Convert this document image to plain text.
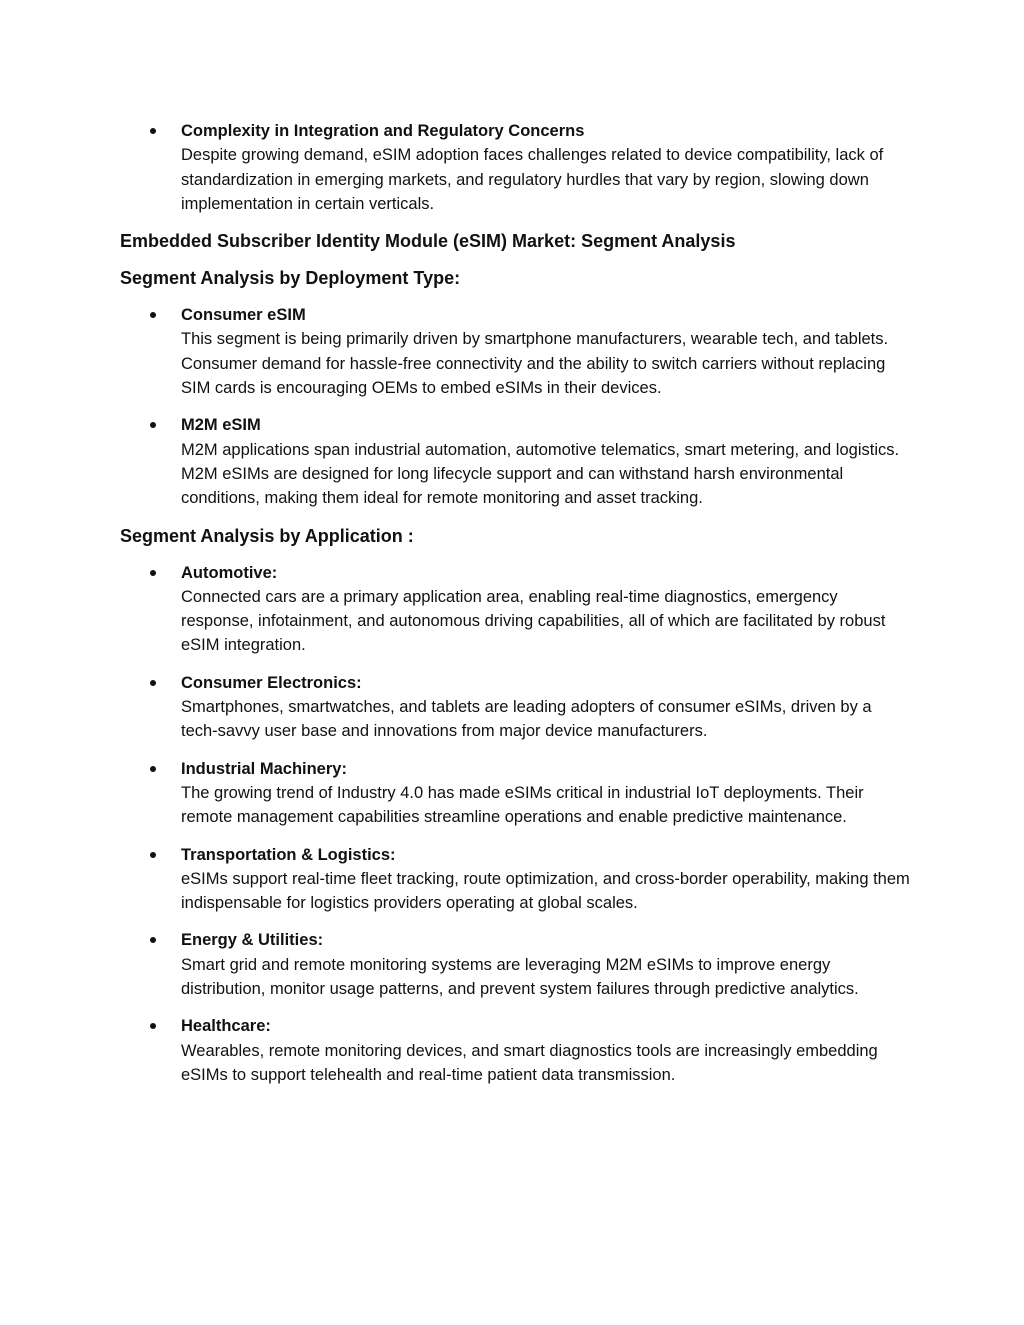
Complexity in Integration and Regulatory Concerns
Despite growing demand, eSIM adoption faces challenges related to device compatibility, lack of standardization in emerging markets, and regulatory hurdles that vary by region, slowing down implementation in certain verticals.
Embedded Subscriber Identity Module (eSIM) Market: Segment Analysis
Segment Analysis by Deployment Type:
Consumer eSIM
This segment is being primarily driven by smartphone manufacturers, wearable tech, and tablets. Consumer demand for hassle-free connectivity and the ability to switch carriers without replacing SIM cards is encouraging OEMs to embed eSIMs in their devices.
M2M eSIM
M2M applications span industrial automation, automotive telematics, smart metering, and logistics. M2M eSIMs are designed for long lifecycle support and can withstand harsh environmental conditions, making them ideal for remote monitoring and asset tracking.
Segment Analysis by Application :
Automotive:
Connected cars are a primary application area, enabling real-time diagnostics, emergency response, infotainment, and autonomous driving capabilities, all of which are facilitated by robust eSIM integration.
Consumer Electronics:
Smartphones, smartwatches, and tablets are leading adopters of consumer eSIMs, driven by a tech-savvy user base and innovations from major device manufacturers.
Industrial Machinery:
The growing trend of Industry 4.0 has made eSIMs critical in industrial IoT deployments. Their remote management capabilities streamline operations and enable predictive maintenance.
Transportation & Logistics:
eSIMs support real-time fleet tracking, route optimization, and cross-border operability, making them indispensable for logistics providers operating at global scales.
Energy & Utilities:
Smart grid and remote monitoring systems are leveraging M2M eSIMs to improve energy distribution, monitor usage patterns, and prevent system failures through predictive analytics.
Healthcare:
Wearables, remote monitoring devices, and smart diagnostics tools are increasingly embedding eSIMs to support telehealth and real-time patient data transmission.
